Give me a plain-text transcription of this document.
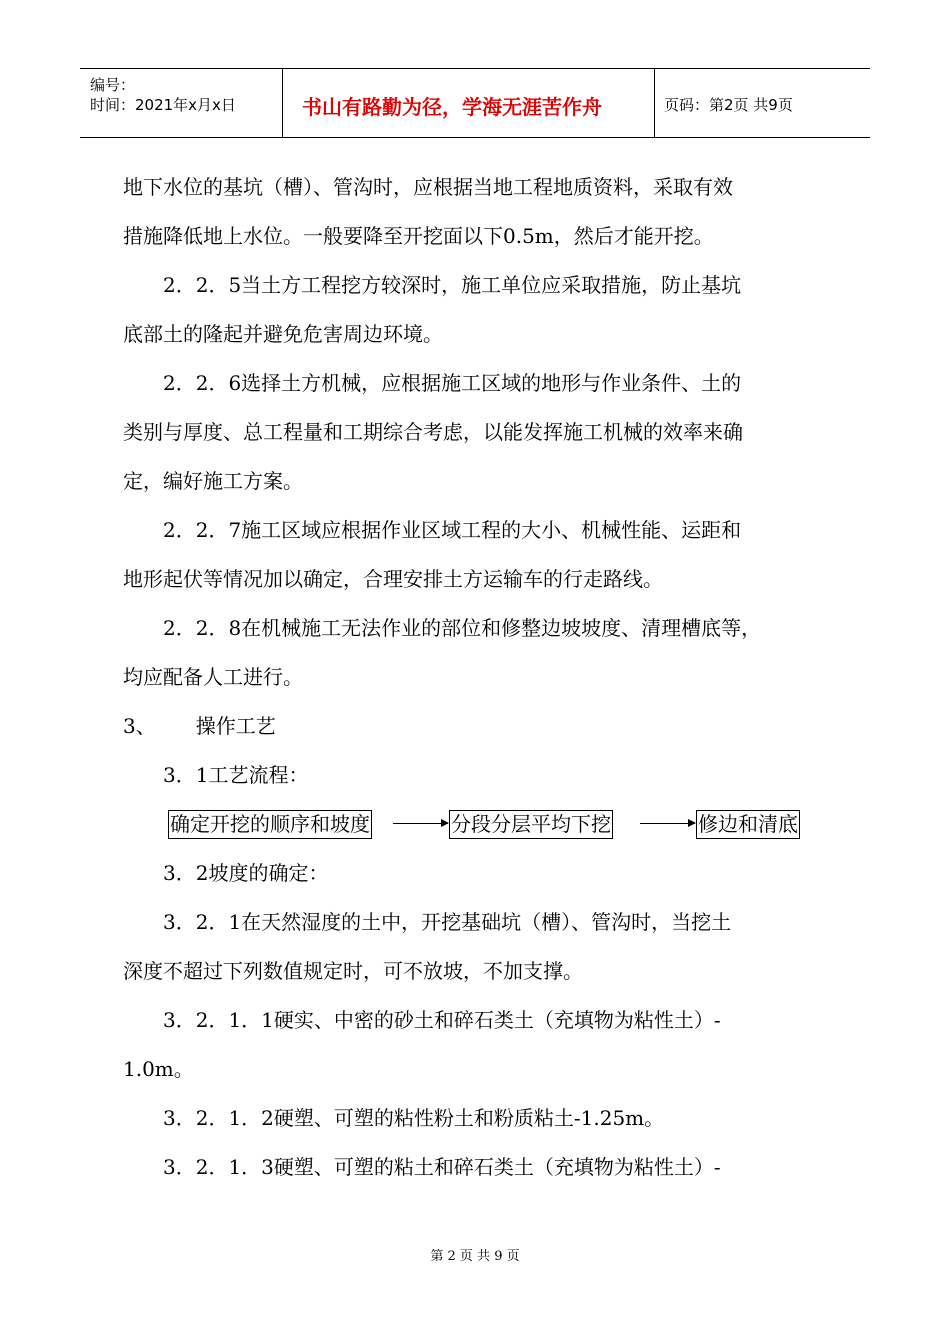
编号：
时间：2021年x月x日	书山有路勤为径，学海无涯苦作舟	页码：第2页 共9页

地下水位的基坑（槽）、管沟时，应根据当地工程地质资料，采取有效

措施降低地上水位。一般要降至开挖面以下0.5m，然后才能开挖。

2．2．5当土方工程挖方较深时，施工单位应采取措施，防止基坑

底部土的隆起并避免危害周边环境。

2．2．6选择土方机械，应根据施工区域的地形与作业条件、土的

类别与厚度、总工程量和工期综合考虑，以能发挥施工机械的效率来确

定，编好施工方案。

2．2．7施工区域应根据作业区域工程的大小、机械性能、运距和

地形起伏等情况加以确定，合理安排土方运输车的行走路线。

2．2．8在机械施工无法作业的部位和修整边坡坡度、清理槽底等，

均应配备人工进行。

3、 操作工艺

3．1工艺流程：

确定开挖的顺序和坡度	分段分层平均下挖	修边和清底

3．2坡度的确定：

3．2．1在天然湿度的土中，开挖基础坑（槽）、管沟时，当挖土

深度不超过下列数值规定时，可不放坡，不加支撑。

3．2．1．1硬实、中密的砂土和碎石类土（充填物为粘性土）-

1.0m。

3．2．1．2硬塑、可塑的粘性粉土和粉质粘土-1.25m。

3．2．1．3硬塑、可塑的粘土和碎石类土（充填物为粘性土）-

第 2 页 共 9 页
